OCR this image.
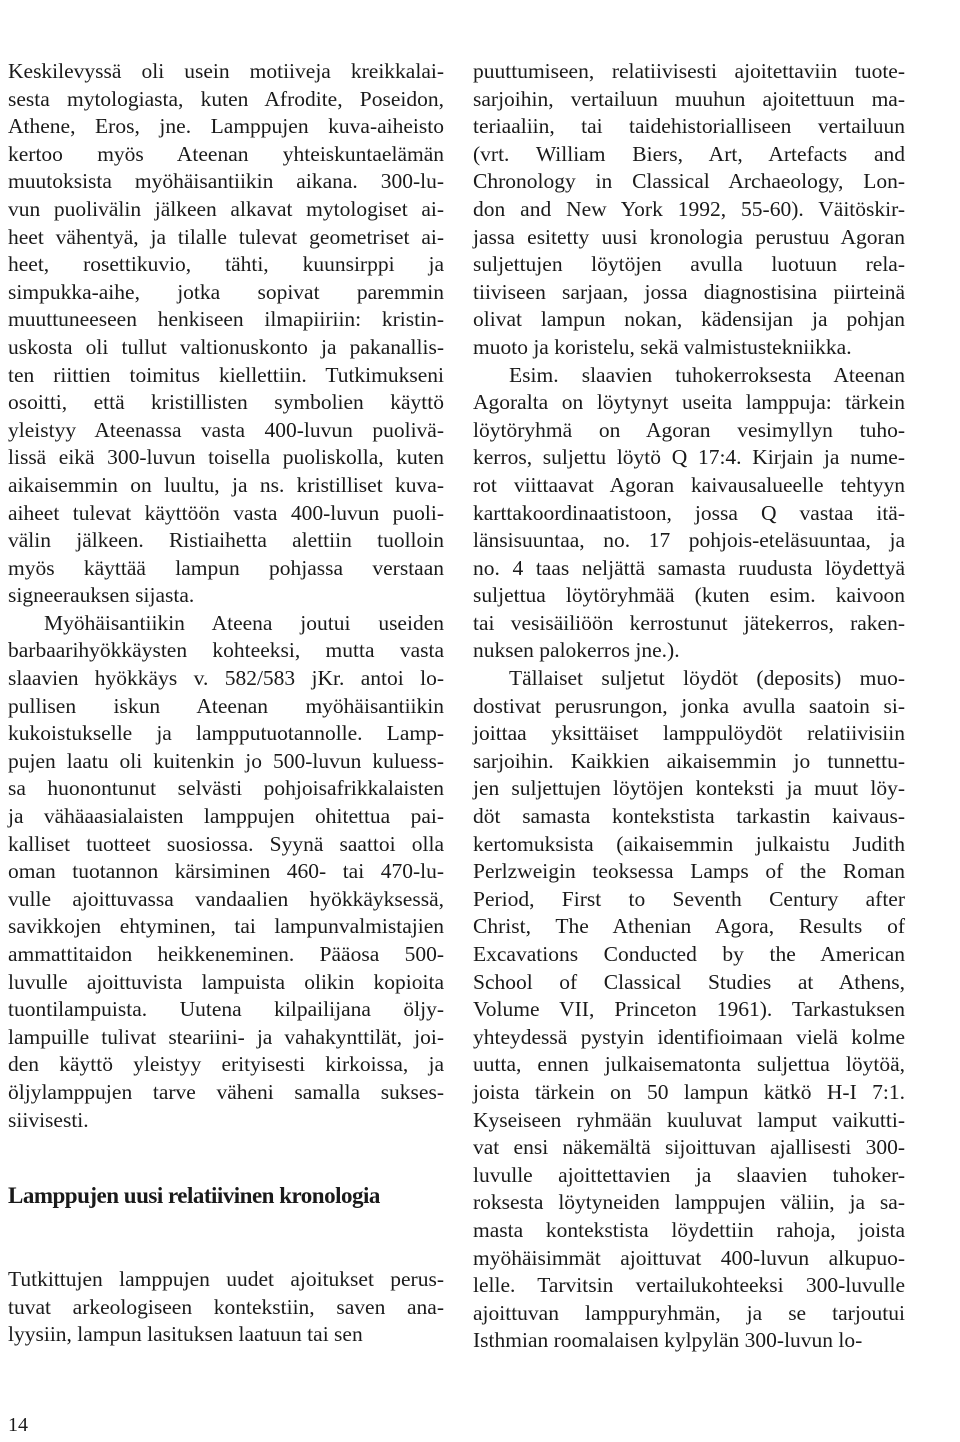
Keskilevyssä oli usein motiiveja kreikkalai-
sesta mytologiasta, kuten Afrodite, Poseidon,
Athene, Eros, jne. Lamppujen kuva-aiheisto
kertoo myös Ateenan yhteiskuntaelämän
muutoksista myöhäisantiikin aikana. 300-lu-
vun puolivälin jälkeen alkavat mytologiset ai-
heet vähentyä, ja tilalle tulevat geometriset ai-
heet, rosettikuvio, tähti, kuunsirppi ja
simpukka-aihe, jotka sopivat paremmin
muuttuneeseen henkiseen ilmapiiriin: kristin-
uskosta oli tullut valtionuskonto ja pakanallis-
ten riittien toimitus kiellettiin. Tutkimukseni
osoitti, että kristillisten symbolien käyttö
yleistyy Ateenassa vasta 400-luvun puolivä-
lissä eikä 300-luvun toisella puoliskolla, kuten
aikaisemmin on luultu, ja ns. kristilliset kuva-
aiheet tulevat käyttöön vasta 400-luvun puoli-
välin jälkeen. Ristiaihetta alettiin tuolloin
myös käyttää lampun pohjassa verstaan
signeerauksen sijasta.
Myöhäisantiikin Ateena joutui useiden
barbaarihyökkäysten kohteeksi, mutta vasta
slaavien hyökkäys v. 582/583 jKr. antoi lo-
pullisen iskun Ateenan myöhäisantiikin
kukoistukselle ja lampputuotannolle. Lamp-
pujen laatu oli kuitenkin jo 500-luvun kuluess-
sa huonontunut selvästi pohjoisafrikkalaisten
ja vähäaasialaisten lamppujen ohitettua pai-
kalliset tuotteet suosiossa. Syynä saattoi olla
oman tuotannon kärsiminen 460- tai 470-lu-
vulle ajoittuvassa vandaalien hyökkäyksessä,
savikkojen ehtyminen, tai lampunvalmistajien
ammattitaidon heikkeneminen. Pääosa 500-
luvulle ajoittuvista lampuista olikin kopioita
tuontilampuista. Uutena kilpailijana öljy-
lampuille tulivat steariini- ja vahakynttilät, joi-
den käyttö yleistyy erityisesti kirkoissa, ja
öljylamppujen tarve väheni samalla sukses-
siivisesti.
Lamppujen uusi relatiivinen kronologia
Tutkittujen lamppujen uudet ajoitukset perus-
tuvat arkeologiseen kontekstiin, saven ana-
lyysiin, lampun lasituksen laatuun tai sen
puuttumiseen, relatiivisesti ajoitettaviin tuote-
sarjoihin, vertailuun muuhun ajoitettuun ma-
teriaaliin, tai taidehistorialliseen vertailuun
(vrt. William Biers, Art, Artefacts and
Chronology in Classical Archaeology, Lon-
don and New York 1992, 55-60). Väitöskir-
jassa esitetty uusi kronologia perustuu Agoran
suljettujen löytöjen avulla luotuun rela-
tiiviseen sarjaan, jossa diagnostisina piirteinä
olivat lampun nokan, kädensijan ja pohjan
muoto ja koristelu, sekä valmistustekniikka.
Esim. slaavien tuhokerroksesta Ateenan
Agoralta on löytynyt useita lamppuja: tärkein
löytöryhmä on Agoran vesimyllyn tuho-
kerros, suljettu löytö Q 17:4. Kirjain ja nume-
rot viittaavat Agoran kaivausalueelle tehtyyn
karttakoordinaatistoon, jossa Q vastaa itä-
länsisuuntaa, no. 17 pohjois-eteläsuuntaa, ja
no. 4 taas neljättä samasta ruudusta löydettyä
suljettua löytöryhmää (kuten esim. kaivoon
tai vesisäiliöön kerrostunut jätekerros, raken-
nuksen palokerros jne.).
Tällaiset suljetut löydöt (deposits) muo-
dostivat perusrungon, jonka avulla saatoin si-
joittaa yksittäiset lamppulöydöt relatiivisiin
sarjoihin. Kaikkien aikaisemmin jo tunnettu-
jen suljettujen löytöjen konteksti ja muut löy-
döt samasta kontekstista tarkastin kaivaus-
kertomuksista (aikaisemmin julkaistu Judith
Perlzweigin teoksessa Lamps of the Roman
Period, First to Seventh Century after
Christ, The Athenian Agora, Results of
Excavations Conducted by the American
School of Classical Studies at Athens,
Volume VII, Princeton 1961). Tarkastuksen
yhteydessä pystyin identifioimaan vielä kolme
uutta, ennen julkaisematonta suljettua löytöä,
joista tärkein on 50 lampun kätkö H-I 7:1.
Kyseiseen ryhmään kuuluvat lamput vaikutti-
vat ensi näkemältä sijoittuvan ajallisesti 300-
luvulle ajoittettavien ja slaavien tuhoker-
roksesta löytyneiden lamppujen väliin, ja sa-
masta kontekstista löydettiin rahoja, joista
myöhäisimmät ajoittuvat 400-luvun alkupuo-
lelle. Tarvitsin vertailukohteeksi 300-luvulle
ajoittuvan lamppuryhmän, ja se tarjoutui
Isthmian roomalaisen kylpylän 300-luvun lo-
14
